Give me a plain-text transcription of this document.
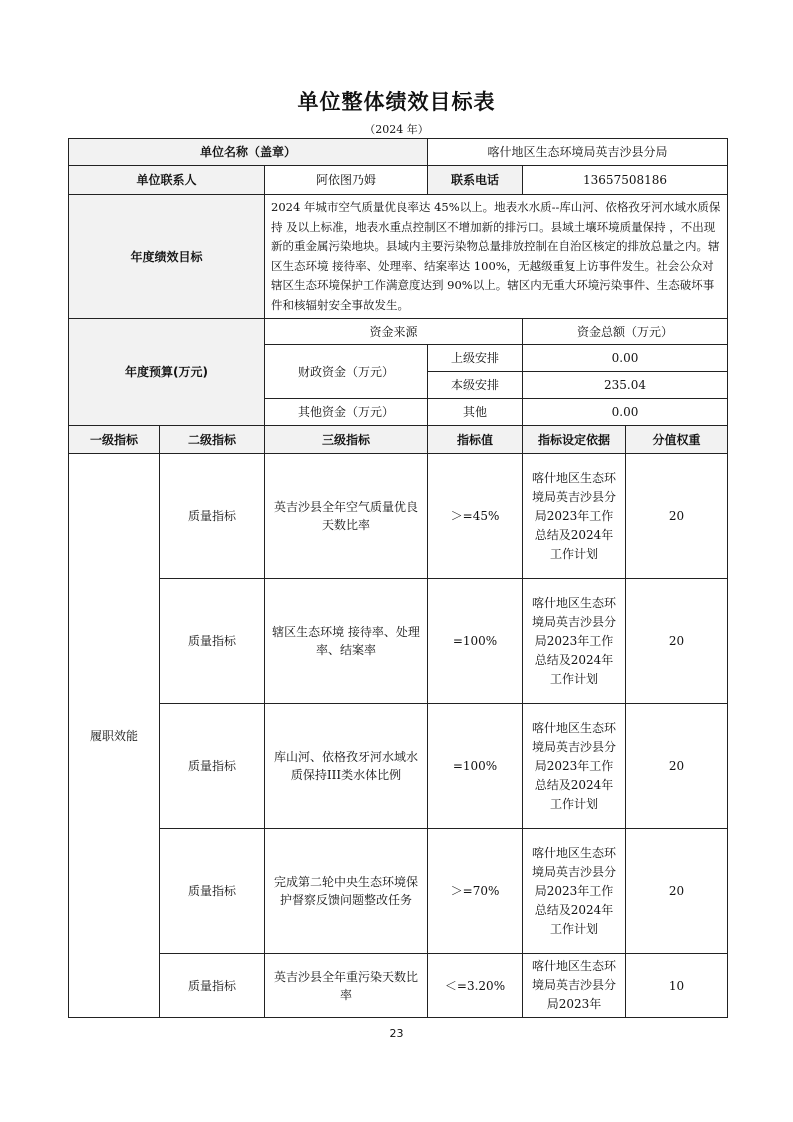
单位整体绩效目标表
（2024 年）
单位名称（盖章）			喀什地区生态环境局英吉沙县分局		
单位联系人		阿依图乃姆	联系电话	13657508186	
年度绩效目标		2024 年城市空气质量优良率达 45%以上。地表水水质--库山河、依格孜牙河水域水质保持 及以上标准，地表水重点控制区不增加新的排污口。县域土壤环境质量保持 ，不出现新的重金属污染地块。县域内主要污染物总量排放控制在自治区核定的排放总量之内。辖区生态环境 接待率、处理率、结案率达 100%，无越级重复上访事件发生。社会公众对辖区生态环境保护工作满意度达到 90%以上。辖区内无重大环境污染事件、生态破坏事件和核辐射安全事故发生。			
年度预算(万元)		资金来源		资金总额（万元）	
		财政资金（万元）	上级安排	0.00	
			本级安排	235.04	
		其他资金（万元）	其他	0.00	
一级指标	二级指标	三级指标	指标值	指标设定依据	分值权重
履职效能	质量指标	英吉沙县全年空气质量优良天数比率	＞=45%	喀什地区生态环境局英吉沙县分局2023年工作总结及2024年工作计划	20
	质量指标	辖区生态环境 接待率、处理率、结案率	=100%	喀什地区生态环境局英吉沙县分局2023年工作总结及2024年工作计划	20
	质量指标	库山河、依格孜牙河水域水质保持III类水体比例	=100%	喀什地区生态环境局英吉沙县分局2023年工作总结及2024年工作计划	20
	质量指标	完成第二轮中央生态环境保护督察反馈问题整改任务	＞=70%	喀什地区生态环境局英吉沙县分局2023年工作总结及2024年工作计划	20
	质量指标	英吉沙县全年重污染天数比率	＜=3.20%	喀什地区生态环境局英吉沙县分局2023年	10
23
